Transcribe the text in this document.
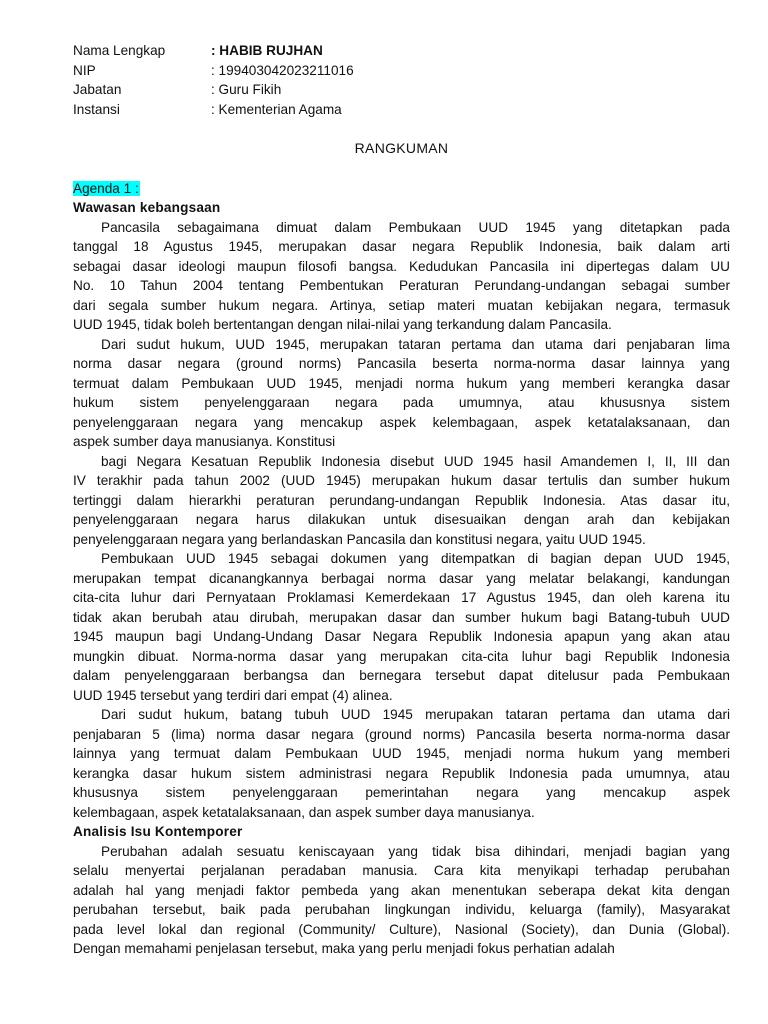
Nama Lengkap	: HABIB RUJHAN
NIP	: 199403042023211016
Jabatan	: Guru Fikih
Instansi	: Kementerian Agama
RANGKUMAN
Agenda 1 :
Wawasan kebangsaan
Pancasila sebagaimana dimuat dalam Pembukaan UUD 1945 yang ditetapkan pada
tanggal 18 Agustus 1945, merupakan dasar negara Republik Indonesia, baik dalam arti
sebagai dasar ideologi maupun filosofi bangsa. Kedudukan Pancasila ini dipertegas dalam UU
No. 10 Tahun 2004 tentang Pembentukan Peraturan Perundang-undangan sebagai sumber
dari segala sumber hukum negara. Artinya, setiap materi muatan kebijakan negara, termasuk
UUD 1945, tidak boleh bertentangan dengan nilai-nilai yang terkandung dalam Pancasila.
Dari sudut hukum, UUD 1945, merupakan tataran pertama dan utama dari penjabaran lima
norma dasar negara (ground norms) Pancasila beserta norma-norma dasar lainnya yang
termuat dalam Pembukaan UUD 1945, menjadi norma hukum yang memberi kerangka dasar
hukum sistem penyelenggaraan negara pada umumnya, atau khususnya sistem
penyelenggaraan negara yang mencakup aspek kelembagaan, aspek ketatalaksanaan, dan
aspek sumber daya manusianya. Konstitusi
bagi Negara Kesatuan Republik Indonesia disebut UUD 1945 hasil Amandemen I, II, III dan
IV terakhir pada tahun 2002 (UUD 1945) merupakan hukum dasar tertulis dan sumber hukum
tertinggi dalam hierarkhi peraturan perundang-undangan Republik Indonesia. Atas dasar itu,
penyelenggaraan negara harus dilakukan untuk disesuaikan dengan arah dan kebijakan
penyelenggaraan negara yang berlandaskan Pancasila dan konstitusi negara, yaitu UUD 1945.
Pembukaan UUD 1945 sebagai dokumen yang ditempatkan di bagian depan UUD 1945,
merupakan tempat dicanangkannya berbagai norma dasar yang melatar belakangi, kandungan
cita-cita luhur dari Pernyataan Proklamasi Kemerdekaan 17 Agustus 1945, dan oleh karena itu
tidak akan berubah atau dirubah, merupakan dasar dan sumber hukum bagi Batang-tubuh UUD
1945 maupun bagi Undang-Undang Dasar Negara Republik Indonesia apapun yang akan atau
mungkin dibuat. Norma-norma dasar yang merupakan cita-cita luhur bagi Republik Indonesia
dalam penyelenggaraan berbangsa dan bernegara tersebut dapat ditelusur pada Pembukaan
UUD 1945 tersebut yang terdiri dari empat (4) alinea.
Dari sudut hukum, batang tubuh UUD 1945 merupakan tataran pertama dan utama dari
penjabaran 5 (lima) norma dasar negara (ground norms) Pancasila beserta norma-norma dasar
lainnya yang termuat dalam Pembukaan UUD 1945, menjadi norma hukum yang memberi
kerangka dasar hukum sistem administrasi negara Republik Indonesia pada umumnya, atau
khususnya sistem penyelenggaraan pemerintahan negara yang mencakup aspek
kelembagaan, aspek ketatalaksanaan, dan aspek sumber daya manusianya.
Analisis Isu Kontemporer
Perubahan adalah sesuatu keniscayaan yang tidak bisa dihindari, menjadi bagian yang
selalu menyertai perjalanan peradaban manusia. Cara kita menyikapi terhadap perubahan
adalah hal yang menjadi faktor pembeda yang akan menentukan seberapa dekat kita dengan
perubahan tersebut, baik pada perubahan lingkungan individu, keluarga (family), Masyarakat
pada level lokal dan regional (Community/ Culture), Nasional (Society), dan Dunia (Global).
Dengan memahami penjelasan tersebut, maka yang perlu menjadi fokus perhatian adalah
